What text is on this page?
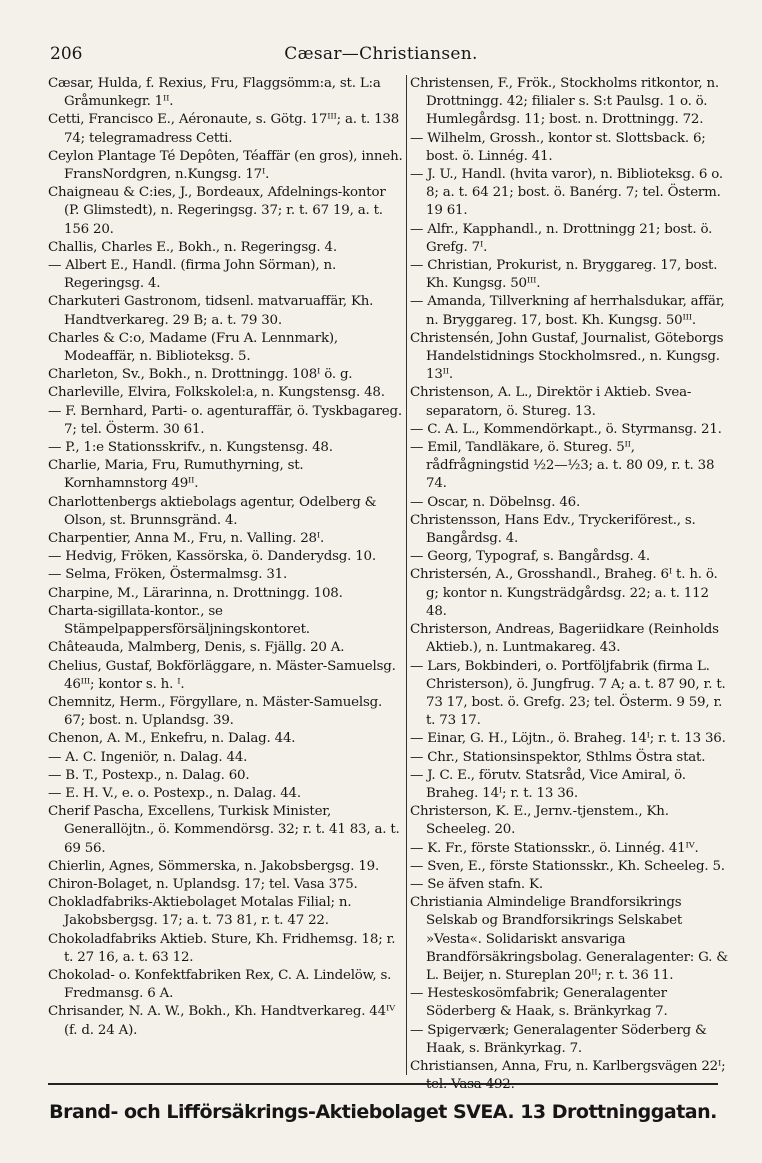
206	Cæsar—Christiansen.

Cæsar, Hulda, f. Rexius, Fru, Flaggsömm:a, st. L:a Gråmunkegr. 1ᴵᴵ.

Cetti, Francisco E., Aéronaute, s. Götg. 17ᴵᴵᴵ; a. t. 138 74; telegramadress Cetti.

Ceylon Plantage Té Depôten, Téaffär (en gros), inneh. FransNordgren, n.Kungsg. 17ᴵ.

Chaigneau & C:ies, J., Bordeaux, Afdelnings-kontor (P. Glimstedt), n. Regeringsg. 37; r. t. 67 19, a. t. 156 20.

Challis, Charles E., Bokh., n. Regeringsg. 4.

— Albert E., Handl. (firma John Sörman), n. Regeringsg. 4.

Charkuteri Gastronom, tidsenl. matvaruaffär, Kh. Handtverkareg. 29 B; a. t. 79 30.

Charles & C:o, Madame (Fru A. Lennmark), Modeaffär, n. Biblioteksg. 5.

Charleton, Sv., Bokh., n. Drottningg. 108ᴵ ö. g.

Charleville, Elvira, Folkskolel:a, n. Kungstensg. 48.

— F. Bernhard, Parti- o. agenturaffär, ö. Tyskbagareg. 7; tel. Österm. 30 61.

— P., 1:e Stationsskrifv., n. Kungstensg. 48.

Charlie, Maria, Fru, Rumuthyrning, st. Kornhamnstorg 49ᴵᴵ.

Charlottenbergs aktiebolags agentur, Odelberg & Olson, st. Brunnsgränd. 4.

Charpentier, Anna M., Fru, n. Valling. 28ᴵ.

— Hedvig, Fröken, Kassörska, ö. Danderydsg. 10.

— Selma, Fröken, Östermalmsg. 31.

Charpine, M., Lärarinna, n. Drottningg. 108.

Charta-sigillata-kontor., se Stämpelpappersförsäljningskontoret.

Châteauda, Malmberg, Denis, s. Fjällg. 20 A.

Chelius, Gustaf, Bokförläggare, n. Mäster-Samuelsg. 46ᴵᴵᴵ; kontor s. h. ᴵ.

Chemnitz, Herm., Förgyllare, n. Mäster-Samuelsg. 67; bost. n. Uplandsg. 39.

Chenon, A. M., Enkefru, n. Dalag. 44.

— A. C. Ingeniör, n. Dalag. 44.

— B. T., Postexp., n. Dalag. 60.

— E. H. V., e. o. Postexp., n. Dalag. 44.

Cherif Pascha, Excellens, Turkisk Minister, Generallöjtn., ö. Kommendörsg. 32; r. t. 41 83, a. t. 69 56.

Chierlin, Agnes, Sömmerska, n. Jakobsbergsg. 19.

Chiron-Bolaget, n. Uplandsg. 17; tel. Vasa 375.

Chokladfabriks-Aktiebolaget Motalas Filial; n. Jakobsbergsg. 17; a. t. 73 81, r. t. 47 22.

Chokoladfabriks Aktieb. Sture, Kh. Fridhemsg. 18; r. t. 27 16, a. t. 63 12.

Chokolad- o. Konfektfabriken Rex, C. A. Lindelöw, s. Fredmansg. 6 A.

Chrisander, N. A. W., Bokh., Kh. Handtverkareg. 44ᴵⱽ (f. d. 24 A).

Christensen, F., Frök., Stockholms ritkontor, n. Drottningg. 42; filialer s. S:t Paulsg. 1 o. ö. Humlegårdsg. 11; bost. n. Drottningg. 72.

— Wilhelm, Grossh., kontor st. Slottsback. 6; bost. ö. Linnég. 41.

— J. U., Handl. (hvita varor), n. Biblioteksg. 6 o. 8; a. t. 64 21; bost. ö. Banérg. 7; tel. Österm. 19 61.

— Alfr., Kapphandl., n. Drottningg 21; bost. ö. Grefg. 7ᴵ.

— Christian, Prokurist, n. Bryggareg. 17, bost. Kh. Kungsg. 50ᴵᴵᴵ.

— Amanda, Tillverkning af herrhalsdukar, affär, n. Bryggareg. 17, bost. Kh. Kungsg. 50ᴵᴵᴵ.

Christensén, John Gustaf, Journalist, Göteborgs Handelstidnings Stockholmsred., n. Kungsg. 13ᴵᴵ.

Christenson, A. L., Direktör i Aktieb. Svea-separatorn, ö. Stureg. 13.

— C. A. L., Kommendörkapt., ö. Styrmansg. 21.

— Emil, Tandläkare, ö. Stureg. 5ᴵᴵ, rådfrågningstid ½2—½3; a. t. 80 09, r. t. 38 74.

— Oscar, n. Döbelnsg. 46.

Christensson, Hans Edv., Tryckeriförest., s. Bangårdsg. 4.

— Georg, Typograf, s. Bangårdsg. 4.

Christersén, A., Grosshandl., Braheg. 6ᴵ t. h. ö. g; kontor n. Kungsträdgårdsg. 22; a. t. 112 48.

Christerson, Andreas, Bageriidkare (Reinholds Aktieb.), n. Luntmakareg. 43.

— Lars, Bokbinderi, o. Portföljfabrik (firma L. Christerson), ö. Jungfrug. 7 A; a. t. 87 90, r. t. 73 17, bost. ö. Grefg. 23; tel. Österm. 9 59, r. t. 73 17.

— Einar, G. H., Löjtn., ö. Braheg. 14ᴵ; r. t. 13 36.

— Chr., Stationsinspektor, Sthlms Östra stat.

— J. C. E., förutv. Statsråd, Vice Amiral, ö. Braheg. 14ᴵ; r. t. 13 36.

Christerson, K. E., Jernv.-tjenstem., Kh. Scheeleg. 20.

— K. Fr., förste Stationsskr., ö. Linnég. 41ᴵⱽ.

— Sven, E., förste Stationsskr., Kh. Scheeleg. 5.

— Se äfven stafn. K.

Christiania Almindelige Brandforsikrings Selskab og Brandforsikrings Selskabet »Vesta«. Solidariskt ansvariga Brandförsäkringsbolag. Generalagenter: G. & L. Beijer, n. Stureplan 20ᴵᴵ; r. t. 36 11.

— Hesteskosömfabrik; Generalagenter Söderberg & Haak, s. Bränkyrkag 7.

— Spigerværk; Generalagenter Söderberg & Haak, s. Bränkyrkag. 7.

Christiansen, Anna, Fru, n. Karlbergsvägen 22ᴵ;

Brand- och Lifförsäkrings-Aktiebolaget SVEA. 13 Drottninggatan.
